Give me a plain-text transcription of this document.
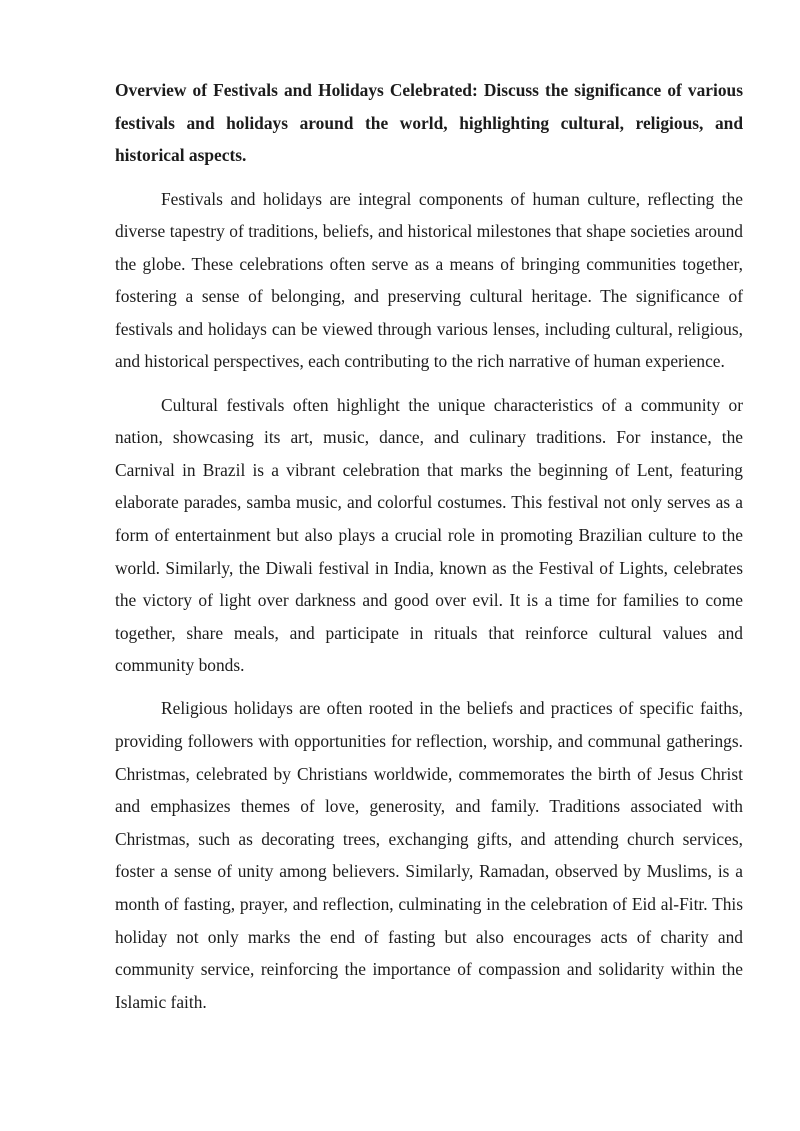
Overview of Festivals and Holidays Celebrated: Discuss the significance of various festivals and holidays around the world, highlighting cultural, religious, and historical aspects.

Festivals and holidays are integral components of human culture, reflecting the diverse tapestry of traditions, beliefs, and historical milestones that shape societies around the globe. These celebrations often serve as a means of bringing communities together, fostering a sense of belonging, and preserving cultural heritage. The significance of festivals and holidays can be viewed through various lenses, including cultural, religious, and historical perspectives, each contributing to the rich narrative of human experience.

Cultural festivals often highlight the unique characteristics of a community or nation, showcasing its art, music, dance, and culinary traditions. For instance, the Carnival in Brazil is a vibrant celebration that marks the beginning of Lent, featuring elaborate parades, samba music, and colorful costumes. This festival not only serves as a form of entertainment but also plays a crucial role in promoting Brazilian culture to the world. Similarly, the Diwali festival in India, known as the Festival of Lights, celebrates the victory of light over darkness and good over evil. It is a time for families to come together, share meals, and participate in rituals that reinforce cultural values and community bonds.

Religious holidays are often rooted in the beliefs and practices of specific faiths, providing followers with opportunities for reflection, worship, and communal gatherings. Christmas, celebrated by Christians worldwide, commemorates the birth of Jesus Christ and emphasizes themes of love, generosity, and family. Traditions associated with Christmas, such as decorating trees, exchanging gifts, and attending church services, foster a sense of unity among believers. Similarly, Ramadan, observed by Muslims, is a month of fasting, prayer, and reflection, culminating in the celebration of Eid al-Fitr. This holiday not only marks the end of fasting but also encourages acts of charity and community service, reinforcing the importance of compassion and solidarity within the Islamic faith.
